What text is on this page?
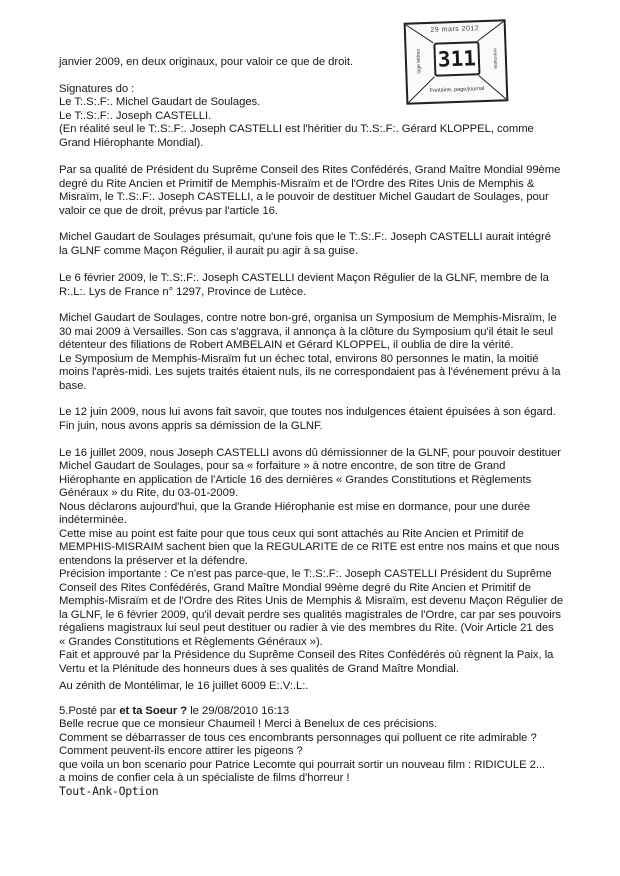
29 mars 2012
loge lettres 311	mnimoire
Fontaine, page/journal
janvier 2009, en deux originaux, pour valoir ce que de droit.
Signatures do :
Le T:.S:.F:. Michel Gaudart de Soulages.
Le T:.S:.F:. Joseph CASTELLI.
(En réalité seul le T:.S:.F:. Joseph CASTELLI est l'héritier du T:.S:.F:. Gérard KLOPPEL, comme
Grand Hiérophante Mondial).
Par sa qualité de Président du Suprême Conseil des Rites Confédérés, Grand Maître Mondial 99ème
degré du Rite Ancien et Primitif de Memphis-Misraïm et de l'Ordre des Rites Unis de Memphis &
Misraïm, le T:.S:.F:. Joseph CASTELLI, a le pouvoir de destituer Michel Gaudart de Soulages, pour
valoir ce que de droit, prévus par l'article 16.
Michel Gaudart de Soulages présumait, qu'une fois que le T:.S:.F:. Joseph CASTELLI aurait intégré
la GLNF comme Maçon Régulier, il aurait pu agir à sa guise.
Le 6 février 2009, le T:.S:.F:. Joseph CASTELLI devient Maçon Régulier de la GLNF, membre de la
R:.L:. Lys de France n° 1297, Province de Lutèce.
Michel Gaudart de Soulages, contre notre bon-gré, organisa un Symposium de Memphis-Misraïm, le
30 mai 2009 à Versailles. Son cas s'aggrava, il annonça à la clôture du Symposium qu'il était le seul
détenteur des filiations de Robert AMBELAIN et Gérard KLOPPEL, il oublia de dire la vérité.
Le Symposium de Memphis-Misraïm fut un échec total, environs 80 personnes le matin, la moitié
moins l'après-midi. Les sujets traités étaient nuls, ils ne correspondaient pas à l'événement prévu à la
base.
Le 12 juin 2009, nous lui avons fait savoir, que toutes nos indulgences étaient épuisées à son égard.
Fin juin, nous avons appris sa démission de la GLNF.
Le 16 juillet 2009, nous Joseph CASTELLI avons dû démissionner de la GLNF, pour pouvoir destituer
Michel Gaudart de Soulages, pour sa « forfaiture » à notre encontre, de son titre de Grand
Hiérophante en application de l'Article 16 des dernières « Grandes Constitutions et Règlements
Généraux » du Rite, du 03-01-2009.
Nous déclarons aujourd'hui, que la Grande Hiérophanie est mise en dormance, pour une durée
indéterminée.
Cette mise au point est faite pour que tous ceux qui sont attachés au Rite Ancien et Primitif de
MEMPHIS-MISRAIM sachent bien que la REGULARITE de ce RITE est entre nos mains et que nous
entendons la préserver et la défendre.
Précision importante : Ce n'est pas parce-que, le T:.S:.F:. Joseph CASTELLI Président du Suprême
Conseil des Rites Confédérés, Grand Maître Mondial 99ème degré du Rite Ancien et Primitif de
Memphis-Misraïm et de l'Ordre des Rites Unis de Memphis & Misraïm, est devenu Maçon Régulier de
la GLNF, le 6 février 2009, qu'il devait perdre ses qualités magistrales de l'Ordre, car par ses pouvoirs
régaliens magistraux lui seul peut destituer ou radier à vie des membres du Rite. (Voir Article 21 des
« Grandes Constitutions et Règlements Généraux »).
Fait et approuvé par la Présidence du Suprême Conseil des Rites Confédérés où règnent la Paix, la
Vertu et la Plénitude des honneurs dues à ses qualités de Grand Maître Mondial.
Au zénith de Montélimar, le 16 juillet 6009 E:.V:.L:.
5.Posté par et ta Soeur ? le 29/08/2010 16:13
Belle recrue que ce monsieur Chaumeil ! Merci à Benelux de ces précisions.
Comment se débarrasser de tous ces encombrants personnages qui polluent ce rite admirable ?
Comment peuvent-ils encore attirer les pigeons ?
que voila un bon scenario pour Patrice Lecomte qui pourrait sortir un nouveau film : RIDICULE 2...
a moins de confier cela à un spécialiste de films d'horreur !
Tout-Ank-Option
